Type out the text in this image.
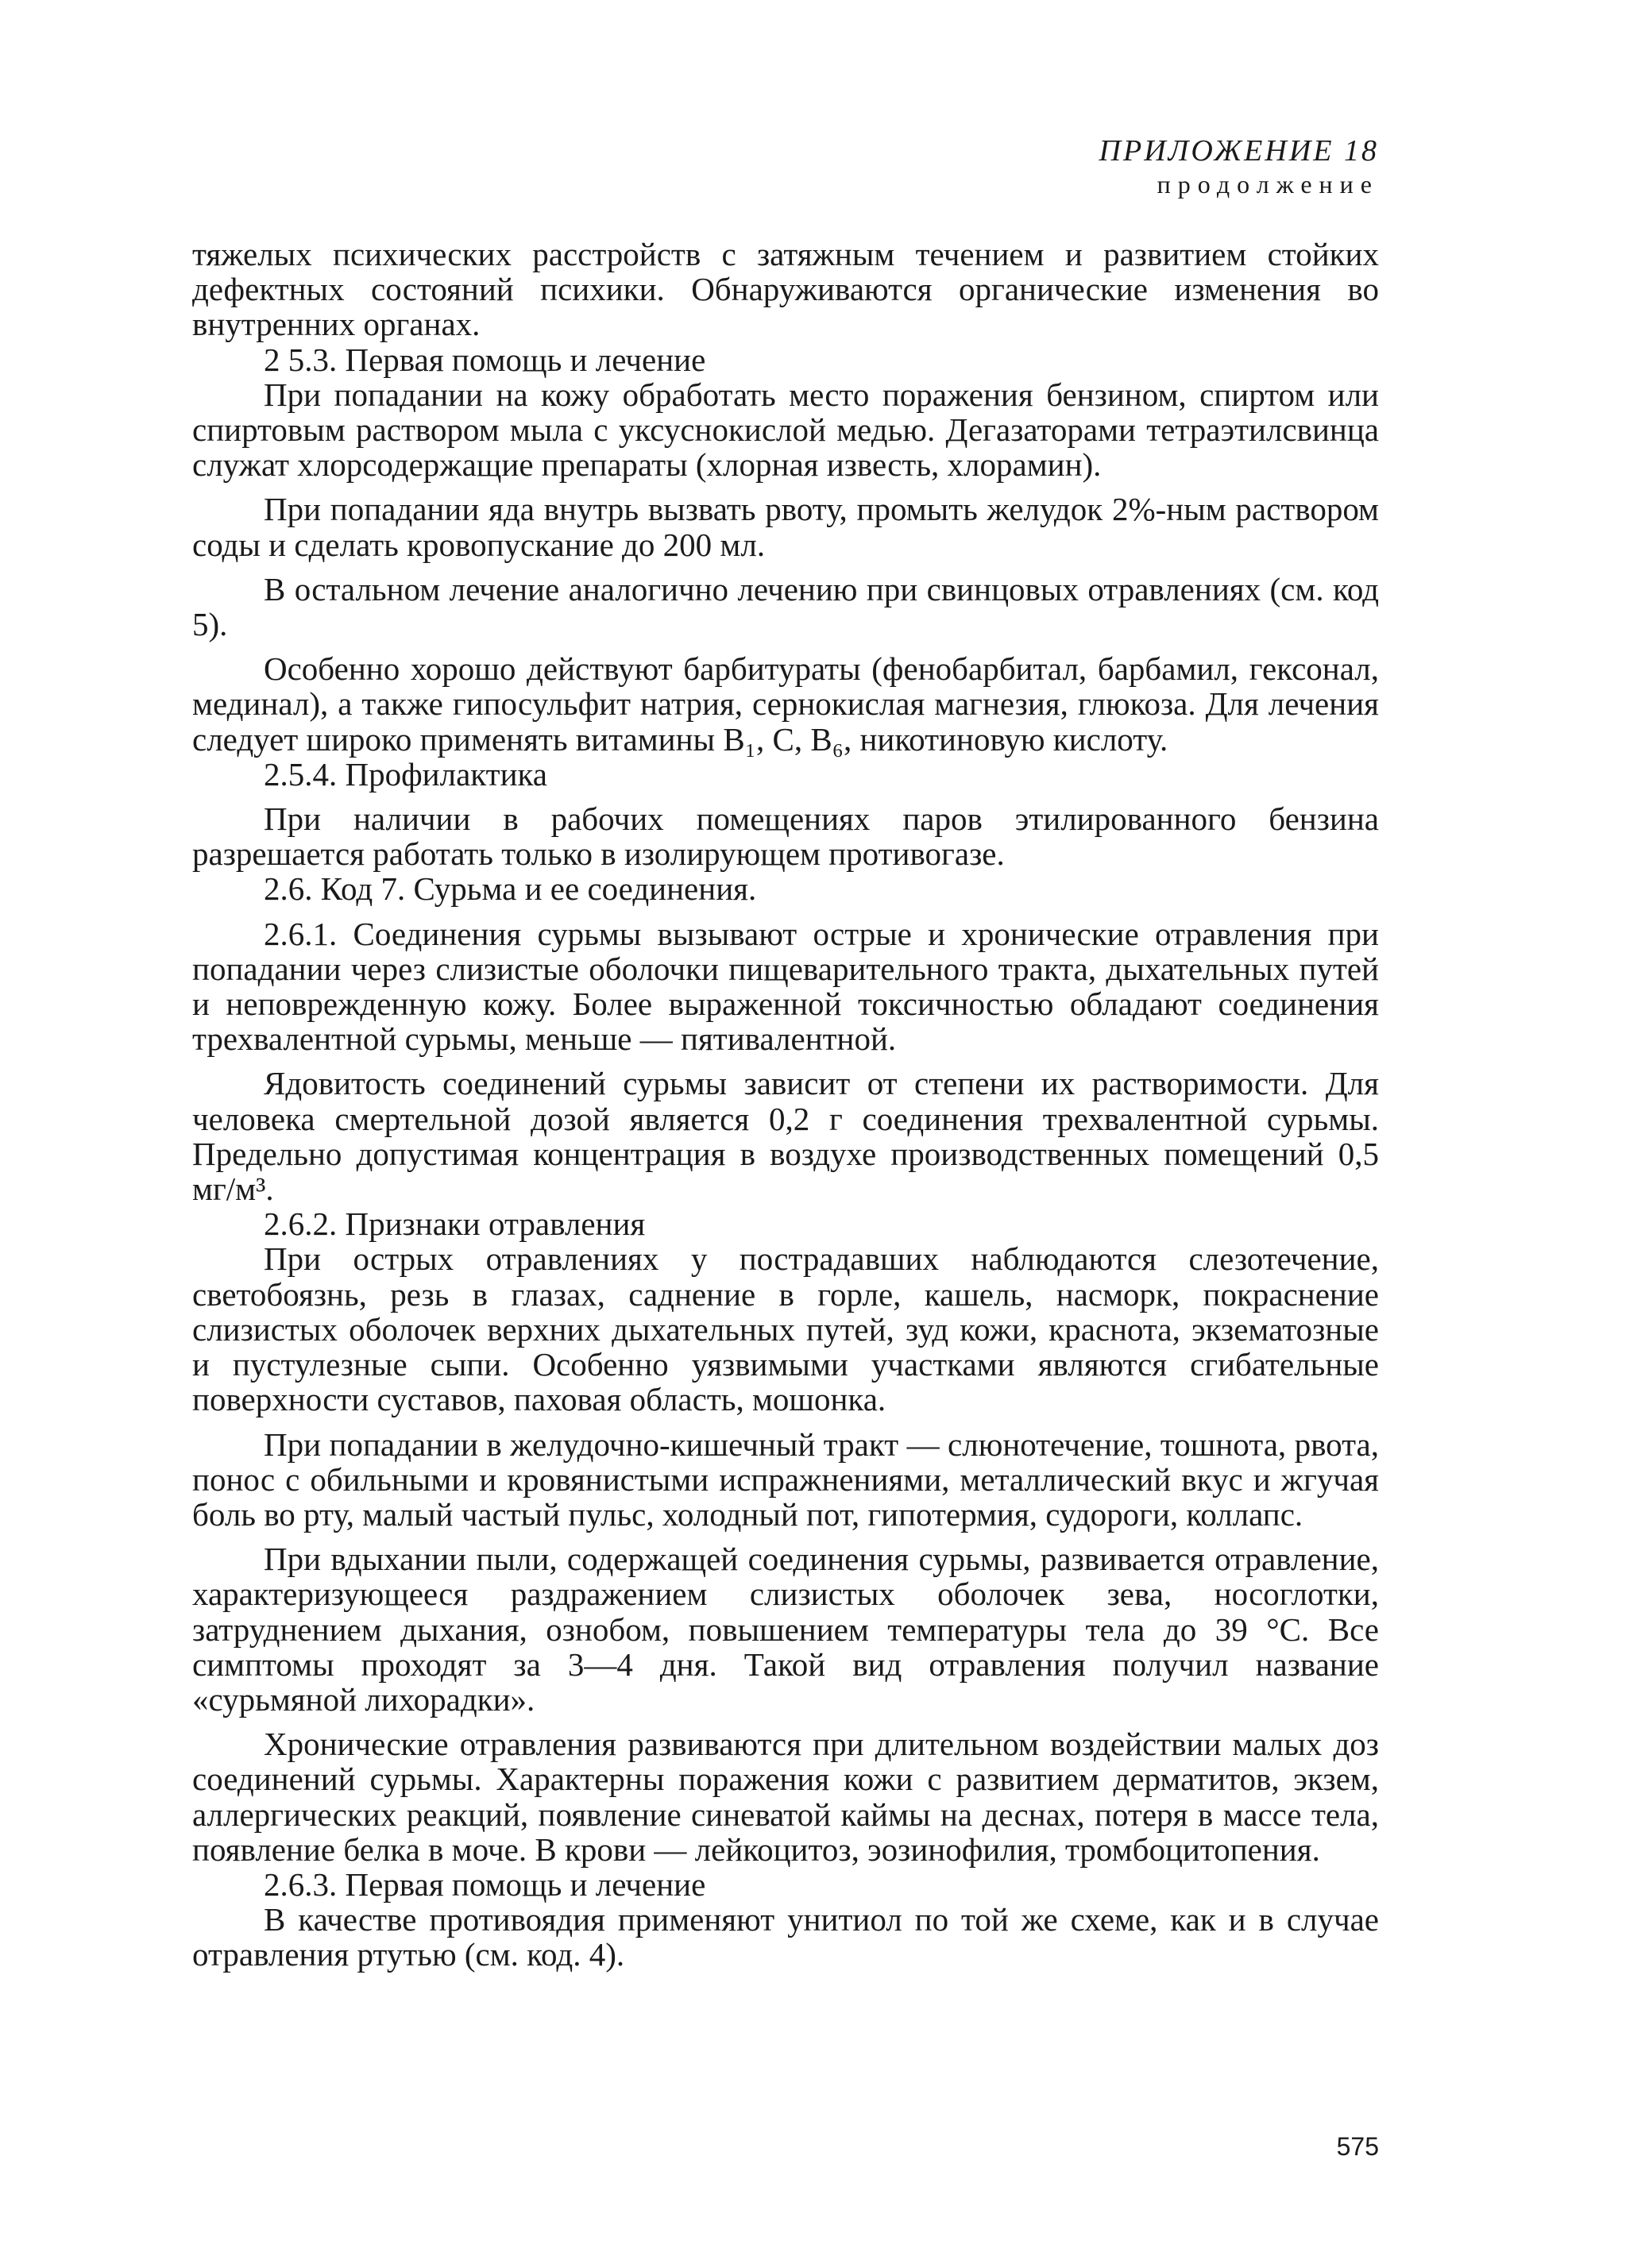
ПРИЛОЖЕНИЕ 18
продолжение

тяжелых психических расстройств с затяжным течением и развитием стойких дефектных состояний психики. Обнаруживаются органические изменения во внутренних органах.

2 5.3. Первая помощь и лечение

При попадании на кожу обработать место поражения бензином, спиртом или спиртовым раствором мыла с уксуснокислой медью. Дегазаторами тетраэтилсвинца служат хлорсодержащие препараты (хлорная известь, хлорамин).

При попадании яда внутрь вызвать рвоту, промыть желудок 2%-ным раствором соды и сделать кровопускание до 200 мл.

В остальном лечение аналогично лечению при свинцовых отравлениях (см. код 5).

Особенно хорошо действуют барбитураты (фенобарбитал, барбамил, гексонал, мединал), а также гипосульфит натрия, сернокислая магнезия, глюкоза. Для лечения следует широко применять витамины B₁, C, B₆, никотиновую кислоту.

2.5.4. Профилактика

При наличии в рабочих помещениях паров этилированного бензина разрешается работать только в изолирующем противогазе.

2.6. Код 7. Сурьма и ее соединения.

2.6.1. Соединения сурьмы вызывают острые и хронические отравления при попадании через слизистые оболочки пищеварительного тракта, дыхательных путей и неповрежденную кожу. Более выраженной токсичностью обладают соединения трехвалентной сурьмы, меньше — пятивалентной.

Ядовитость соединений сурьмы зависит от степени их растворимости. Для человека смертельной дозой является 0,2 г соединения трехвалентной сурьмы. Предельно допустимая концентрация в воздухе производственных помещений 0,5 мг/м³.

2.6.2. Признаки отравления

При острых отравлениях у пострадавших наблюдаются слезотечение, светобоязнь, резь в глазах, саднение в горле, кашель, насморк, покраснение слизистых оболочек верхних дыхательных путей, зуд кожи, краснота, экзематозные и пустулезные сыпи. Особенно уязвимыми участками являются сгибательные поверхности суставов, паховая область, мошонка.

При попадании в желудочно-кишечный тракт — слюнотечение, тошнота, рвота, понос с обильными и кровянистыми испражнениями, металлический вкус и жгучая боль во рту, малый частый пульс, холодный пот, гипотермия, судороги, коллапс.

При вдыхании пыли, содержащей соединения сурьмы, развивается отравление, характеризующееся раздражением слизистых оболочек зева, носоглотки, затруднением дыхания, ознобом, повышением температуры тела до 39 °С. Все симптомы проходят за 3—4 дня. Такой вид отравления получил название «сурьмяной лихорадки».

Хронические отравления развиваются при длительном воздействии малых доз соединений сурьмы. Характерны поражения кожи с развитием дерматитов, экзем, аллергических реакций, появление синеватой каймы на деснах, потеря в массе тела, появление белка в моче. В крови — лейкоцитоз, эозинофилия, тромбоцитопения.

2.6.3. Первая помощь и лечение

В качестве противоядия применяют унитиол по той же схеме, как и в случае отравления ртутью (см. код. 4).

575
